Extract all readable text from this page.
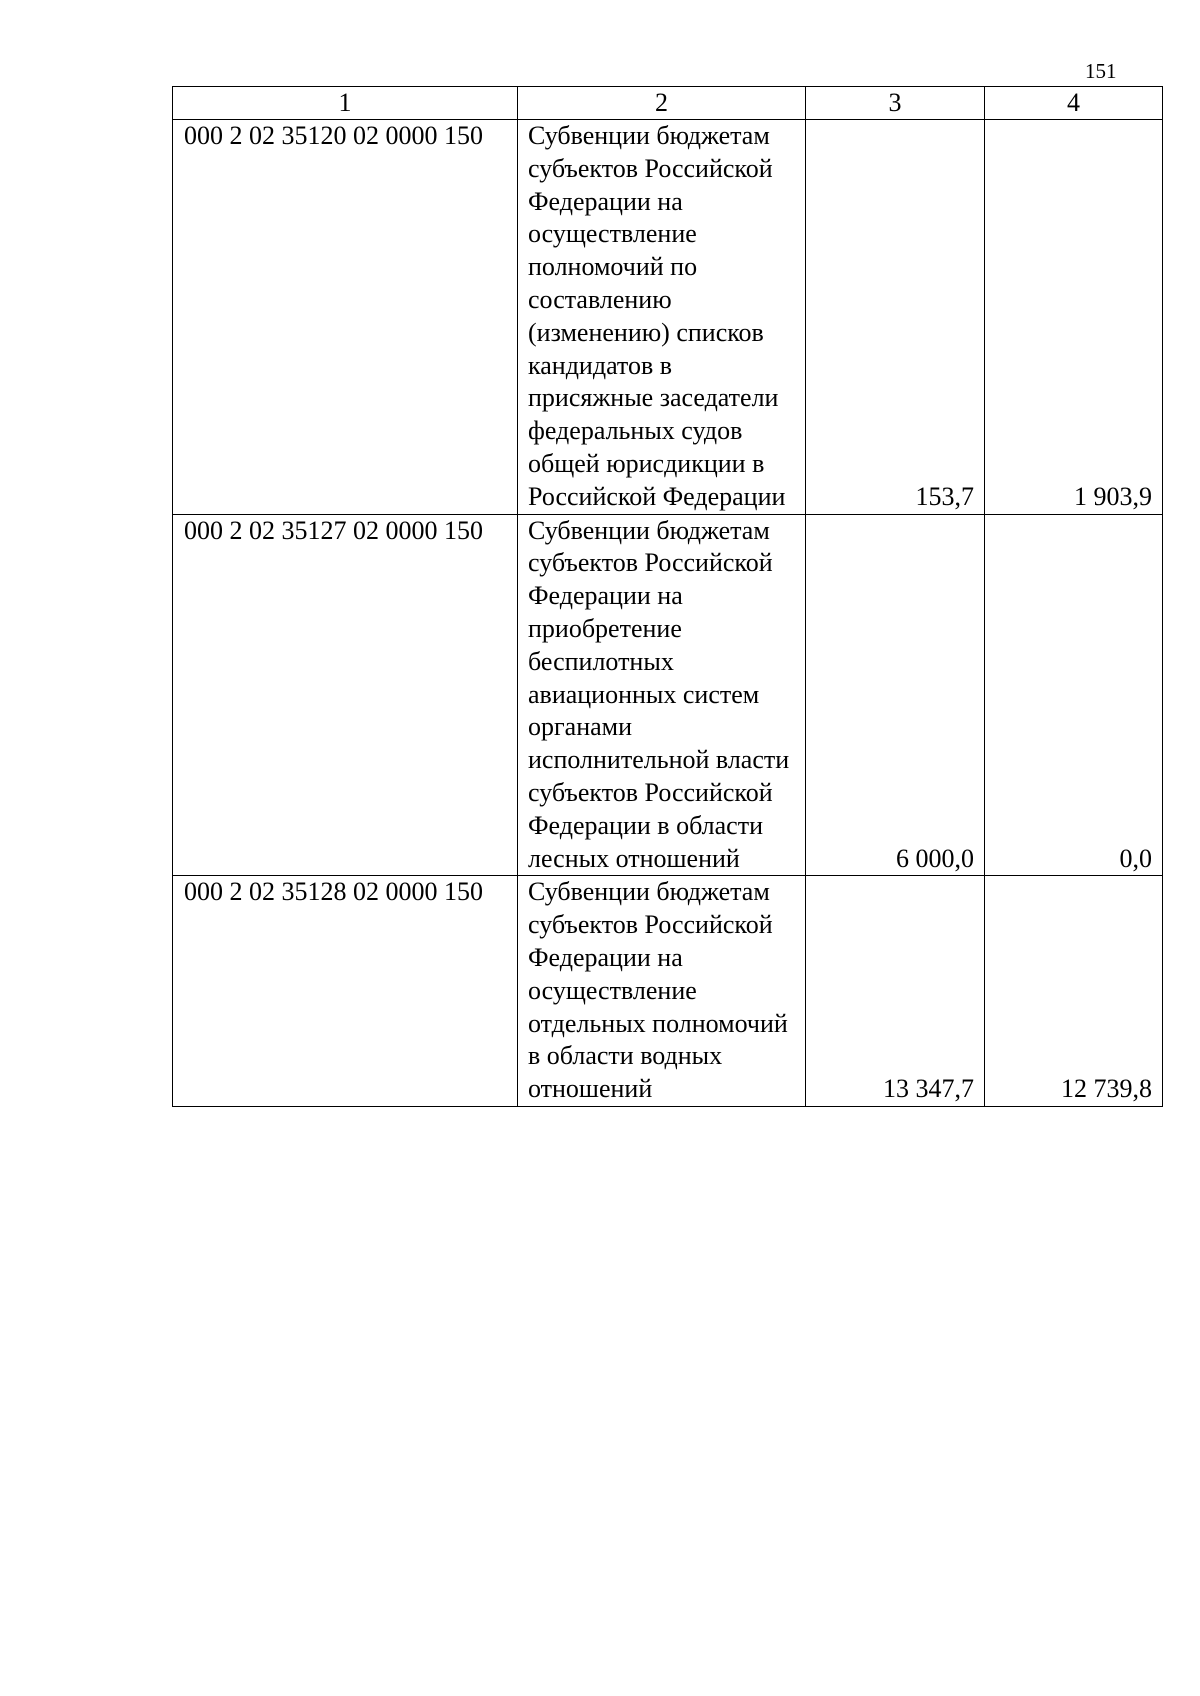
151
1	2	3	4
000 2 02 35120 02 0000 150	Субвенции бюджетам субъектов Российской Федерации на осуществление полномочий по составлению (изменению) списков кандидатов в присяжные заседатели федеральных судов общей юрисдикции в Российской Федерации	153,7	1 903,9
000 2 02 35127 02 0000 150	Субвенции бюджетам субъектов Российской Федерации на приобретение беспилотных авиационных систем органами исполнительной власти субъектов Российской Федерации в области лесных отношений	6 000,0	0,0
000 2 02 35128 02 0000 150	Субвенции бюджетам субъектов Российской Федерации на осуществление отдельных полномочий в области водных отношений	13 347,7	12 739,8
